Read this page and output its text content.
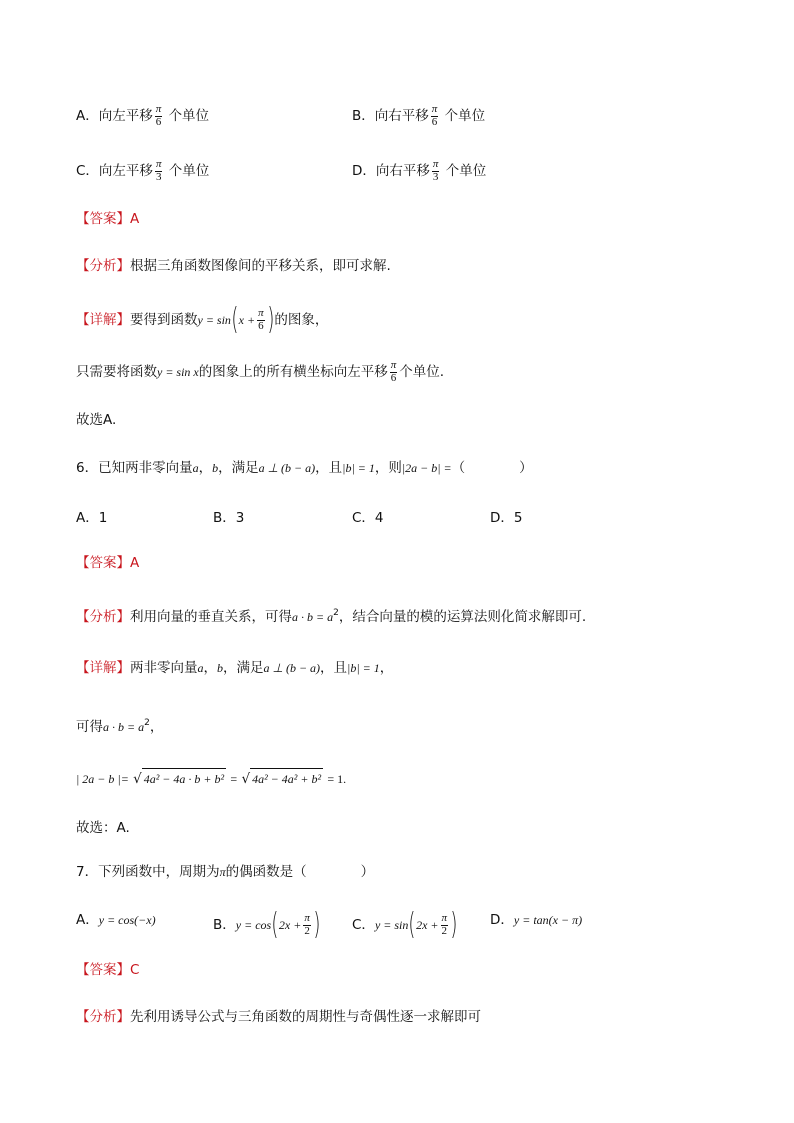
A．向左平移 $\frac{\pi}{6}$ 个单位	B．向右平移 $\frac{\pi}{6}$ 个单位
C．向左平移 $\frac{\pi}{3}$ 个单位	D．向右平移 $\frac{\pi}{3}$ 个单位
【答案】A
【分析】根据三角函数图像间的平移关系，即可求解.
【详解】要得到函数$y = \sin(x + \frac{\pi}{6}$ )的图象，
只需要将函数y = sin x的图象上的所有横坐标向左平移 $\frac{\pi}{6}$ 个单位.
故选A.
6．已知两非零向量a，b，满足a ⊥ (b − a)，且|b| = 1，则|2a − b| =（　　　　）
A．1	B．3	C．4	D．5
【答案】A
【分析】利用向量的垂直关系，可得$a \cdot b = a^2$，结合向量的模的运算法则化简求解即可.
【详解】两非零向量a，b，满足a ⊥ (b − a)，且|b| = 1，
可得$a \cdot b = a^2$，
| 2a − b |= √ 4a² − 4a · b + b² = √ 4a² − 4a² + b² = 1.
故选：A.
7．下列函数中，周期为π的偶函数是（　　　　）
A．y = cos(−x)	B．$y = \cos(2x + \frac{\pi}{2}$ ) C．$y = \sin(2x + \frac{\pi}{2}$ ) D．y = tan(x − π)
【答案】C
【分析】先利用诱导公式与三角函数的周期性与奇偶性逐一求解即可
